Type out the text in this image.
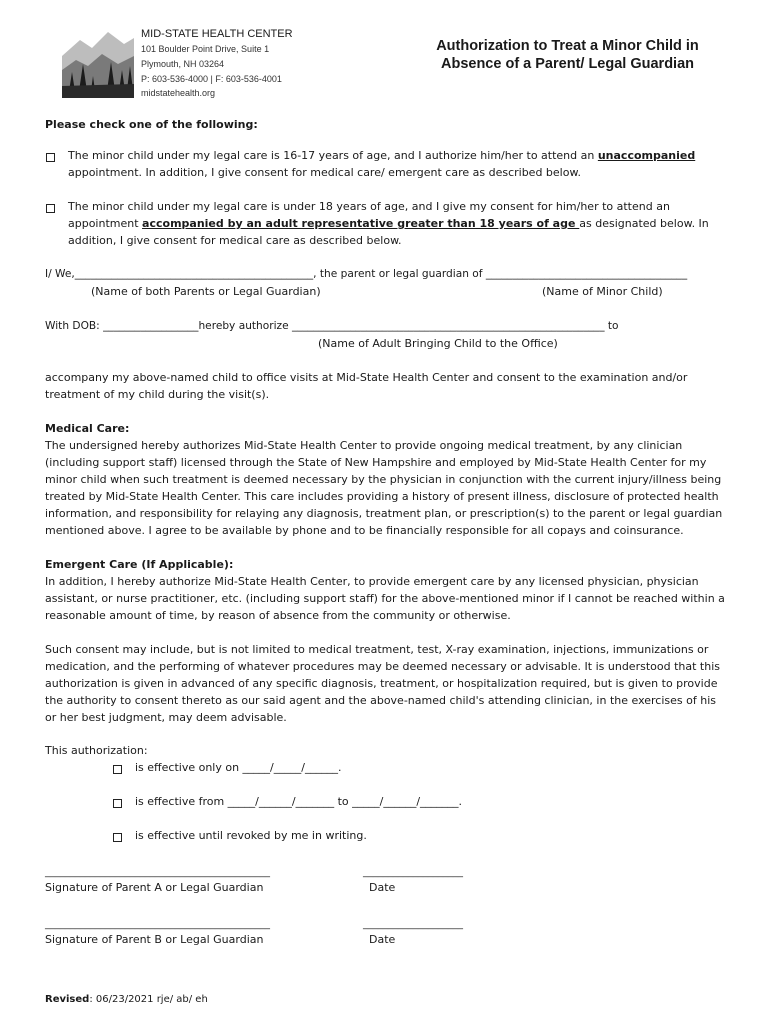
MID-STATE HEALTH CENTER
101 Boulder Point Drive, Suite 1
Plymouth, NH 03264
P: 603-536-4000 | F: 603-536-4001
midstatehealth.org
Authorization to Treat a Minor Child in
Absence of a Parent/ Legal Guardian
Please check one of the following:
The minor child under my legal care is 16-17 years of age, and I authorize him/her to attend an unaccompanied
appointment. In addition, I give consent for medical care/ emergent care as described below.
The minor child under my legal care is under 18 years of age, and I give my consent for him/her to attend an
appointment accompanied by an adult representative greater than 18 years of age as designated below. In
addition, I give consent for medical care as described below.
I/ We,_____________________________________________, the parent or legal guardian of ______________________________________
(Name of both Parents or Legal Guardian)	(Name of Minor Child)
With DOB: __________________hereby authorize ___________________________________________________________ to
(Name of Adult Bringing Child to the Office)
accompany my above-named child to office visits at Mid-State Health Center and consent to the examination and/or
treatment of my child during the visit(s).

Medical Care:

The undersigned hereby authorizes Mid-State Health Center to provide ongoing medical treatment, by any clinician

(including support staff) licensed through the State of New Hampshire and employed by Mid-State Health Center for my

minor child when such treatment is deemed necessary by the physician in conjunction with the current injury/illness being

treated by Mid-State Health Center. This care includes providing a history of present illness, disclosure of protected health

information, and responsibility for relaying any diagnosis, treatment plan, or prescription(s) to the parent or legal guardian

mentioned above. I agree to be available by phone and to be financially responsible for all copays and coinsurance.

Emergent Care (If Applicable):

In addition, I hereby authorize Mid-State Health Center, to provide emergent care by any licensed physician, physician

assistant, or nurse practitioner, etc. (including support staff) for the above-mentioned minor if I cannot be reached within a

reasonable amount of time, by reason of absence from the community or otherwise.

Such consent may include, but is not limited to medical treatment, test, X-ray examination, injections, immunizations or

medication, and the performing of whatever procedures may be deemed necessary or advisable. It is understood that this

authorization is given in advanced of any specific diagnosis, treatment, or hospitalization required, but is given to provide

the authority to consent thereto as our said agent and the above-named child's attending clinician, in the exercises of his

or her best judgment, may deem advisable.

This authorization:
is effective only on _____/_____/______.
is effective from _____/______/_______ to _____/______/_______.
is effective until revoked by me in writing.
_____________________________________________	____________________
Signature of Parent A or Legal Guardian	Date
_____________________________________________	____________________
Signature of Parent B or Legal Guardian	Date
Revised: 06/23/2021 rje/ ab/ eh
